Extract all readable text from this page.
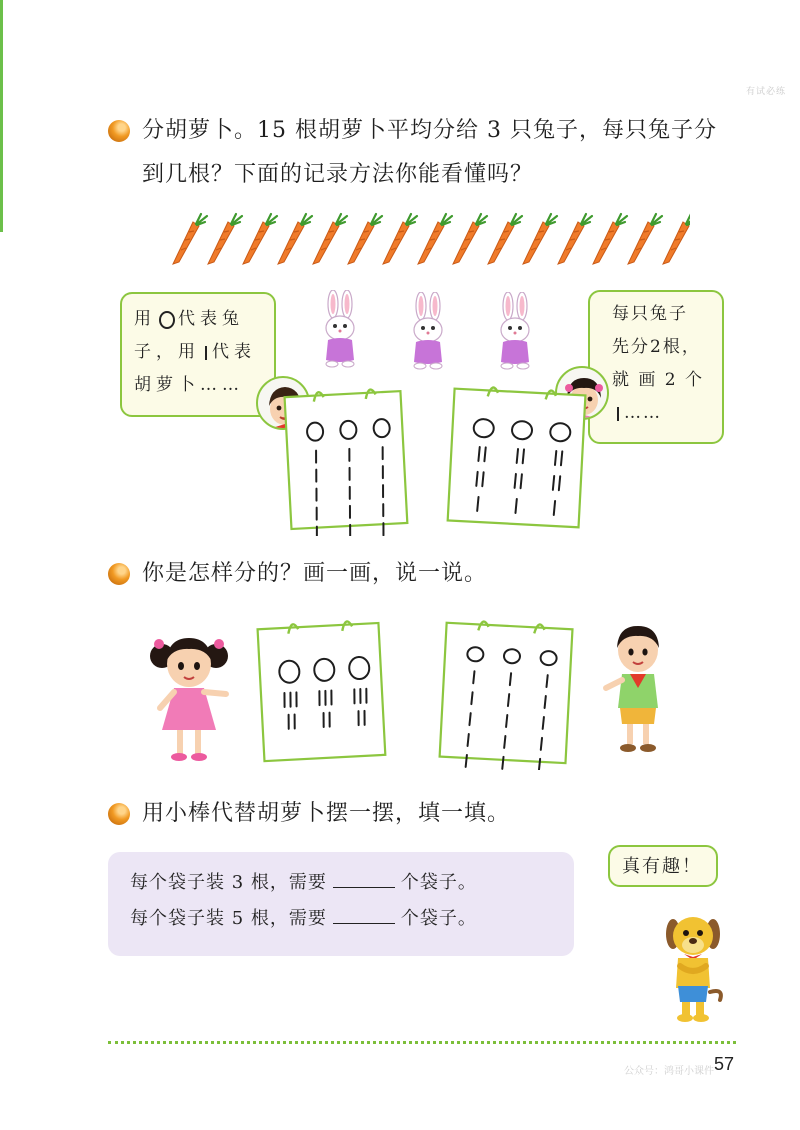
有试必练
分胡萝卜。15 根胡萝卜平均分给 3 只兔子，每只兔子分
到几根？下面的记录方法你能看懂吗？
用 代表兔
子，用 代表
胡萝卜……
每只兔子
先分2根，
就 画 2 个
……
你是怎样分的？画一画，说一说。
用小棒代替胡萝卜摆一摆，填一填。
每个袋子装 3 根，需要	个袋子。
每个袋子装 5 根，需要	个袋子。
真有趣！
公众号：鸿哥小课件 57
